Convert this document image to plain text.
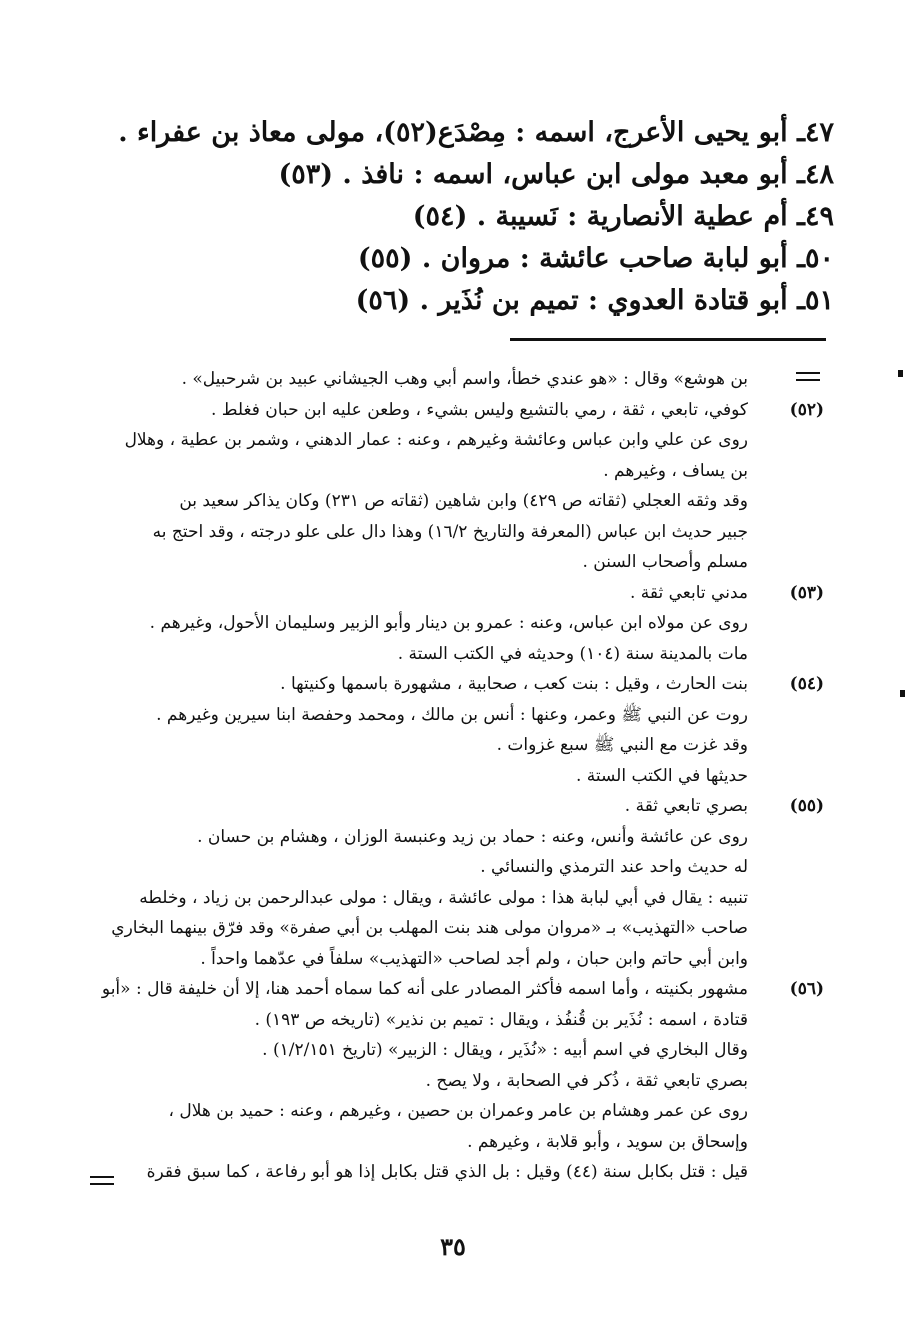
٤٧ـ أبو يحيى الأعرج، اسمه : مِصْدَع(٥٢)، مولى معاذ بن عفراء .
٤٨ـ أبو معبد مولى ابن عباس، اسمه : نافذ . (٥٣)
٤٩ـ أم عطية الأنصارية : نَسيبة . (٥٤)
٥٠ـ أبو لبابة صاحب عائشة : مروان . (٥٥)
٥١ـ أبو قتادة العدوي : تميم بن نُذَير . (٥٦)
بن هوشع» وقال : «هو عندي خطأ، واسم أبي وهب الجيشاني عبيد بن شرحبيل» .
(٥٢)
كوفي، تابعي ، ثقة ، رمي بالتشيع وليس بشيء ، وطعن عليه ابن حبان فغلط .
روى عن علي وابن عباس وعائشة وغيرهم ، وعنه : عمار الدهني ، وشمر بن عطية ، وهلال
بن يساف ، وغيرهم .
وقد وثقه العجلي (ثقاته ص ٤٢٩) وابن شاهين (ثقاته ص ٢٣١) وكان يذاكر سعيد بن
جبير حديث ابن عباس (المعرفة والتاريخ ١٦/٢) وهذا دال على علو درجته ، وقد احتج به
مسلم وأصحاب السنن .
(٥٣)
مدني تابعي ثقة .
روى عن مولاه ابن عباس، وعنه : عمرو بن دينار وأبو الزبير وسليمان الأحول، وغيرهم .
مات بالمدينة سنة (١٠٤) وحديثه في الكتب الستة .
(٥٤)
بنت الحارث ، وقيل : بنت كعب ، صحابية ، مشهورة باسمها وكنيتها .
روت عن النبي ﷺ وعمر، وعنها : أنس بن مالك ، ومحمد وحفصة ابنا سيرين وغيرهم .
وقد غزت مع النبي ﷺ سبع غزوات .
حديثها في الكتب الستة .
(٥٥)
بصري تابعي ثقة .
روى عن عائشة وأنس، وعنه : حماد بن زيد وعنبسة الوزان ، وهشام بن حسان .
له حديث واحد عند الترمذي والنسائي .
تنبيه : يقال في أبي لبابة هذا : مولى عائشة ، ويقال : مولى عبدالرحمن بن زياد ، وخلطه
صاحب «التهذيب» بـ «مروان مولى هند بنت المهلب بن أبي صفرة» وقد فرّق بينهما البخاري
وابن أبي حاتم وابن حبان ، ولم أجد لصاحب «التهذيب» سلفاً في عدّهما واحداً .
(٥٦)
مشهور بكنيته ، وأما اسمه فأكثر المصادر على أنه كما سماه أحمد هنا، إلا أن خليفة قال : «أبو
قتادة ، اسمه : نُذَير بن قُنفُذ ، ويقال : تميم بن نذير» (تاريخه ص ١٩٣) .
وقال البخاري في اسم أبيه : «نُذَير ، ويقال : الزبير» (تاريخ ١/٢/١٥١) .
بصري تابعي ثقة ، ذُكر في الصحابة ، ولا يصح .
روى عن عمر وهشام بن عامر وعمران بن حصين ، وغيرهم ، وعنه : حميد بن هلال ،
وإسحاق بن سويد ، وأبو قلابة ، وغيرهم .
قيل : قتل بكابل سنة (٤٤) وقيل : بل الذي قتل بكابل إذا هو أبو رفاعة ، كما سبق فقرة
٣٥
